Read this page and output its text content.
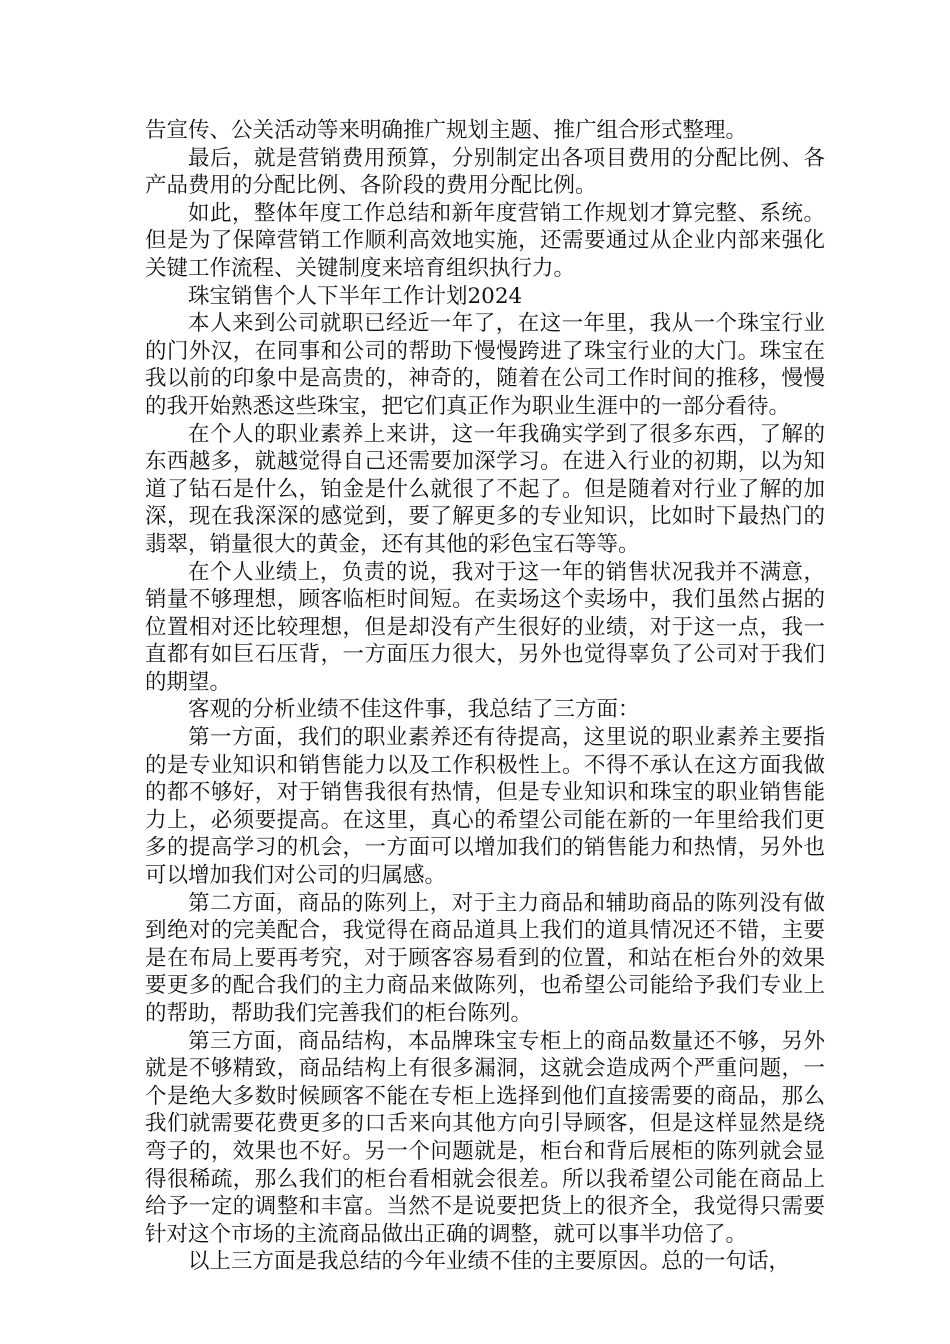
告宣传、公关活动等来明确推广规划主题、推广组合形式整理。

最后，就是营销费用预算，分别制定出各项目费用的分配比例、各产品费用的分配比例、各阶段的费用分配比例。

如此，整体年度工作总结和新年度营销工作规划才算完整、系统。但是为了保障营销工作顺利高效地实施，还需要通过从企业内部来强化关键工作流程、关键制度来培育组织执行力。

珠宝销售个人下半年工作计划2024

本人来到公司就职已经近一年了，在这一年里，我从一个珠宝行业的门外汉，在同事和公司的帮助下慢慢跨进了珠宝行业的大门。珠宝在我以前的印象中是高贵的，神奇的，随着在公司工作时间的推移，慢慢的我开始熟悉这些珠宝，把它们真正作为职业生涯中的一部分看待。

在个人的职业素养上来讲，这一年我确实学到了很多东西，了解的东西越多，就越觉得自己还需要加深学习。在进入行业的初期，以为知道了钻石是什么，铂金是什么就很了不起了。但是随着对行业了解的加深，现在我深深的感觉到，要了解更多的专业知识，比如时下最热门的翡翠，销量很大的黄金，还有其他的彩色宝石等等。

在个人业绩上，负责的说，我对于这一年的销售状况我并不满意，销量不够理想，顾客临柜时间短。在卖场这个卖场中，我们虽然占据的位置相对还比较理想，但是却没有产生很好的业绩，对于这一点，我一直都有如巨石压背，一方面压力很大，另外也觉得辜负了公司对于我们的期望。

客观的分析业绩不佳这件事，我总结了三方面：

第一方面，我们的职业素养还有待提高，这里说的职业素养主要指的是专业知识和销售能力以及工作积极性上。不得不承认在这方面我做的都不够好，对于销售我很有热情，但是专业知识和珠宝的职业销售能力上，必须要提高。在这里，真心的希望公司能在新的一年里给我们更多的提高学习的机会，一方面可以增加我们的销售能力和热情，另外也可以增加我们对公司的归属感。

第二方面，商品的陈列上，对于主力商品和辅助商品的陈列没有做到绝对的完美配合，我觉得在商品道具上我们的道具情况还不错，主要是在布局上要再考究，对于顾客容易看到的位置，和站在柜台外的效果要更多的配合我们的主力商品来做陈列，也希望公司能给予我们专业上的帮助，帮助我们完善我们的柜台陈列。

第三方面，商品结构，本品牌珠宝专柜上的商品数量还不够，另外就是不够精致，商品结构上有很多漏洞，这就会造成两个严重问题，一个是绝大多数时候顾客不能在专柜上选择到他们直接需要的商品，那么我们就需要花费更多的口舌来向其他方向引导顾客，但是这样显然是绕弯子的，效果也不好。另一个问题就是，柜台和背后展柜的陈列就会显得很稀疏，那么我们的柜台看相就会很差。所以我希望公司能在商品上给予一定的调整和丰富。当然不是说要把货上的很齐全，我觉得只需要针对这个市场的主流商品做出正确的调整，就可以事半功倍了。

以上三方面是我总结的今年业绩不佳的主要原因。总的一句话，
